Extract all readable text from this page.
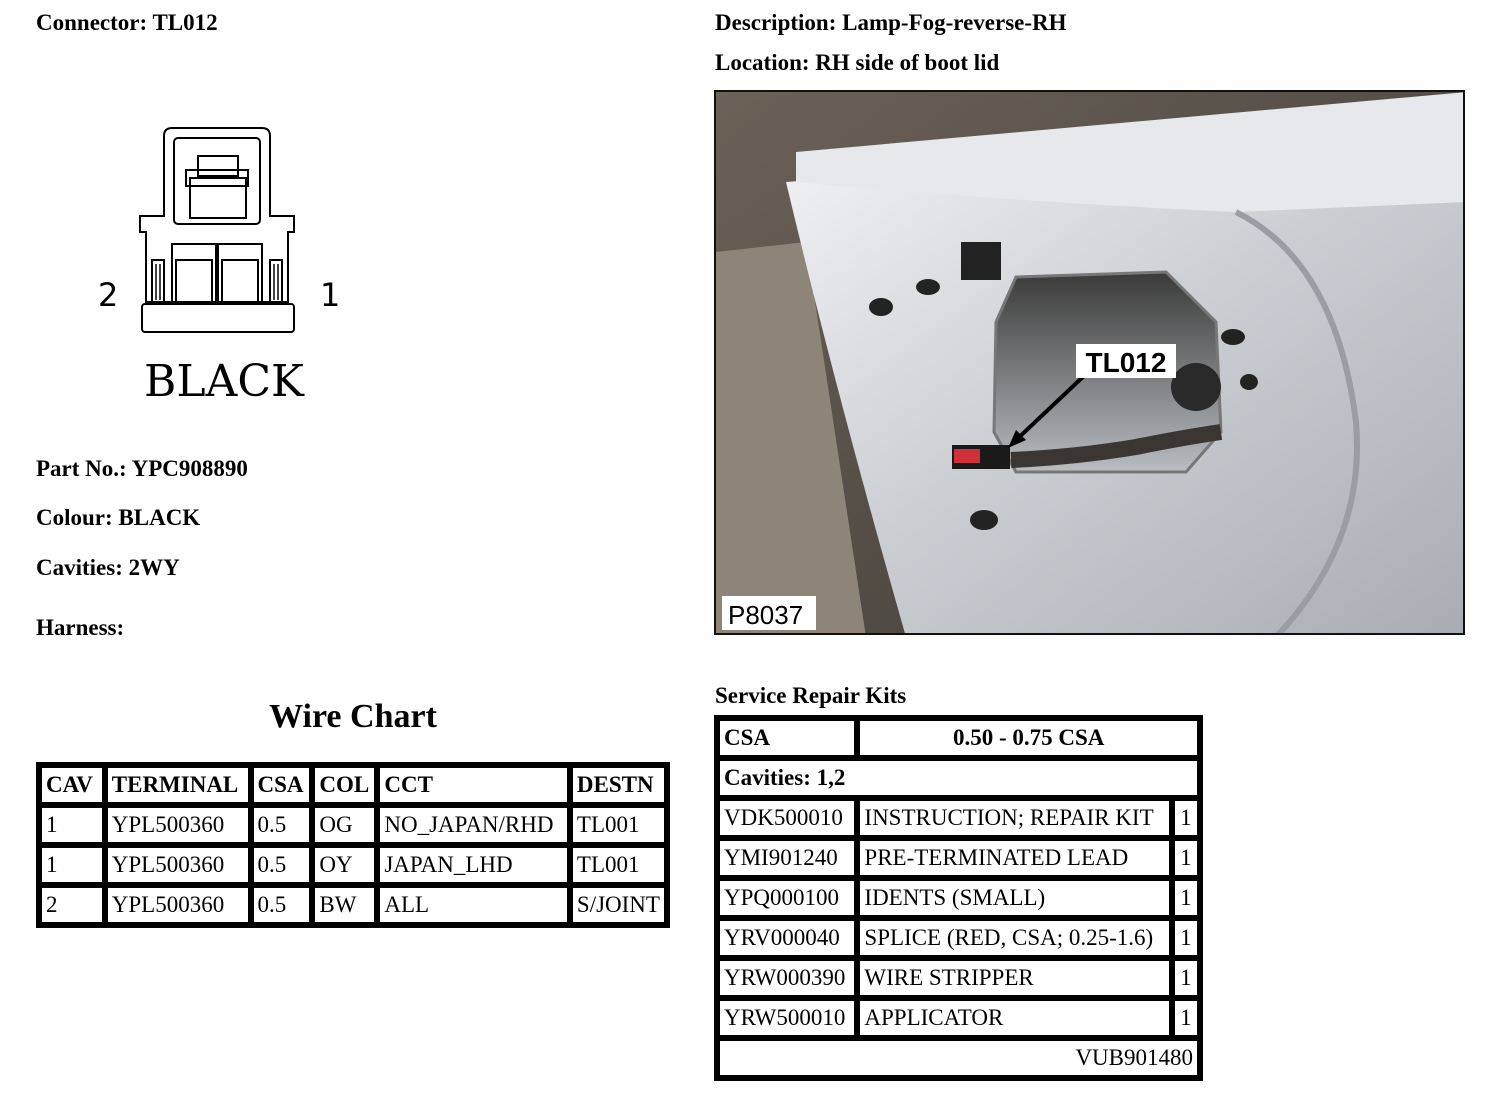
Connector: TL012	Description: Lamp-Fog-reverse-RH
Location: RH side of boot lid
2	1
BLACK
Part No.: YPC908890
Colour: BLACK
Cavities: 2WY
Harness:
TL012
P8037
Wire Chart
CAV	TERMINAL	CSA	COL	CCT	DESTN
1	YPL500360	0.5	OG	NO_JAPAN/RHD	TL001
1	YPL500360	0.5	OY	JAPAN_LHD	TL001
2	YPL500360	0.5	BW	ALL	S/JOINT
Service Repair Kits
CSA	0.50 - 0.75 CSA	
Cavities: 1,2		
VDK500010	INSTRUCTION; REPAIR KIT	1
YMI901240	PRE-TERMINATED LEAD	1
YPQ000100	IDENTS (SMALL)	1
YRV000040	SPLICE (RED, CSA; 0.25-1.6)	1
YRW000390	WIRE STRIPPER	1
YRW500010	APPLICATOR	1
VUB901480		
